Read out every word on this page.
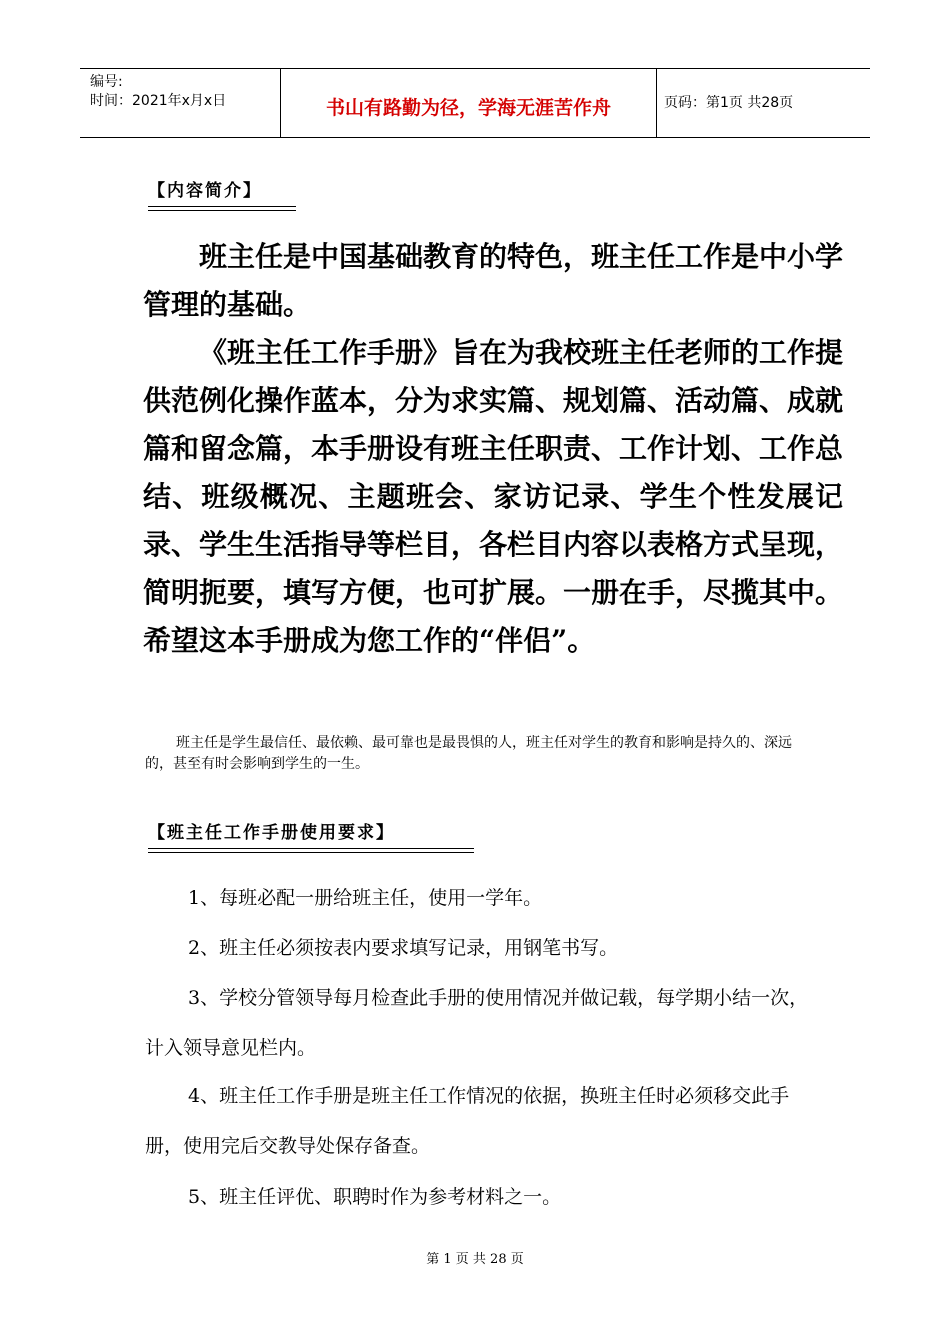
编号:
时间：2021年x月x日	书山有路勤为径，学海无涯苦作舟	页码：第1页 共28页
【内容简介】

班主任是中国基础教育的特色，班主任工作是中小学管理的基础。

《班主任工作手册》旨在为我校班主任老师的工作提供范例化操作蓝本，分为求实篇、规划篇、活动篇、成就篇和留念篇，本手册设有班主任职责、工作计划、工作总结、班级概况、主题班会、家访记录、学生个性发展记录、学生生活指导等栏目，各栏目内容以表格方式呈现，简明扼要，填写方便，也可扩展。一册在手，尽揽其中。希望这本手册成为您工作的“伴侣”。

班主任是学生最信任、最依赖、最可靠也是最畏惧的人，班主任对学生的教育和影响是持久的、深远的，甚至有时会影响到学生的一生。

【班主任工作手册使用要求】

1、每班必配一册给班主任，使用一学年。

2、班主任必须按表内要求填写记录，用钢笔书写。

3、学校分管领导每月检查此手册的使用情况并做记载，每学期小结一次，计入领导意见栏内。

4、班主任工作手册是班主任工作情况的依据，换班主任时必须移交此手册，使用完后交教导处保存备查。

5、班主任评优、职聘时作为参考材料之一。

第 1 页 共 28 页
